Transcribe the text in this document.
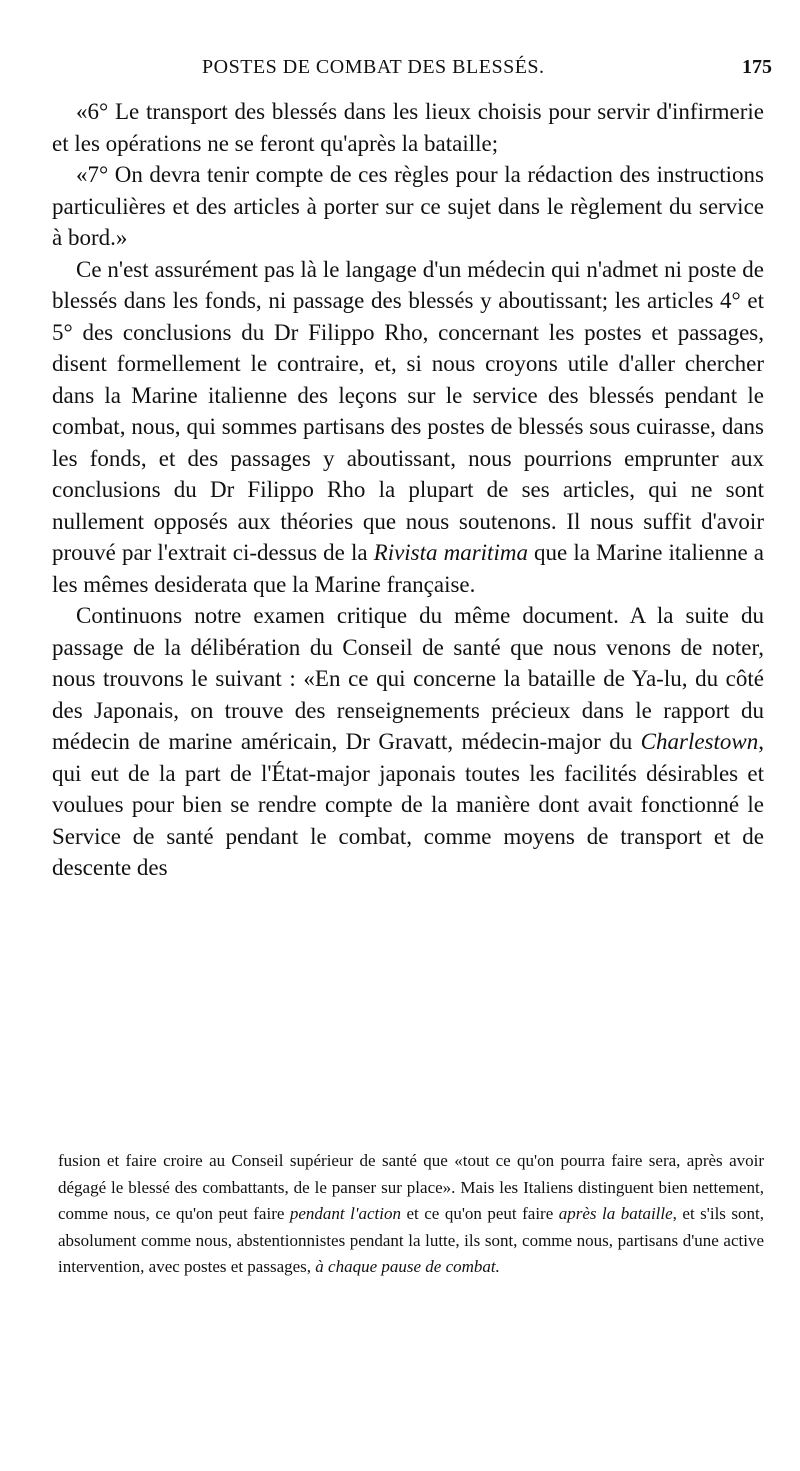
POSTES DE COMBAT DES BLESSÉS.	175

«6° Le transport des blessés dans les lieux choisis pour servir d'infirmerie et les opérations ne se feront qu'après la bataille;

«7° On devra tenir compte de ces règles pour la rédaction des instructions particulières et des articles à porter sur ce sujet dans le règlement du service à bord.»

Ce n'est assurément pas là le langage d'un médecin qui n'admet ni poste de blessés dans les fonds, ni passage des blessés y aboutissant; les articles 4° et 5° des conclusions du Dr Filippo Rho, concernant les postes et passages, disent formellement le contraire, et, si nous croyons utile d'aller chercher dans la Marine italienne des leçons sur le service des blessés pendant le combat, nous, qui sommes partisans des postes de blessés sous cuirasse, dans les fonds, et des passages y aboutissant, nous pourrions emprunter aux conclusions du Dr Filippo Rho la plupart de ses articles, qui ne sont nullement opposés aux théories que nous soutenons. Il nous suffit d'avoir prouvé par l'extrait ci-dessus de la Rivista maritima que la Marine italienne a les mêmes desiderata que la Marine française.

Continuons notre examen critique du même document. A la suite du passage de la délibération du Conseil de santé que nous venons de noter, nous trouvons le suivant : «En ce qui concerne la bataille de Ya-lu, du côté des Japonais, on trouve des renseignements précieux dans le rapport du médecin de marine américain, Dr Gravatt, médecin-major du Charlestown, qui eut de la part de l'État-major japonais toutes les facilités désirables et voulues pour bien se rendre compte de la manière dont avait fonctionné le Service de santé pendant le combat, comme moyens de transport et de descente des

fusion et faire croire au Conseil supérieur de santé que «tout ce qu'on pourra faire sera, après avoir dégagé le blessé des combattants, de le panser sur place». Mais les Italiens distinguent bien nettement, comme nous, ce qu'on peut faire pendant l'action et ce qu'on peut faire après la bataille, et s'ils sont, absolument comme nous, abstentionnistes pendant la lutte, ils sont, comme nous, partisans d'une active intervention, avec postes et passages, à chaque pause de combat.
